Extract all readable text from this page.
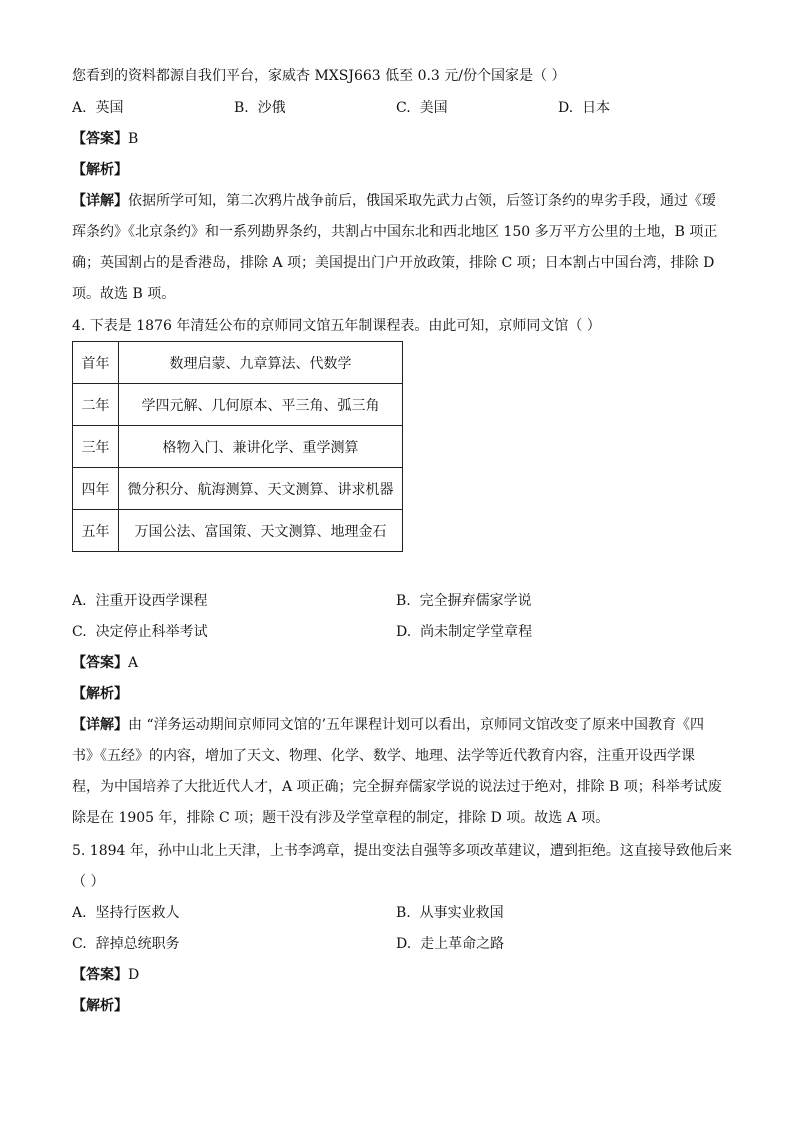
您看到的资料都源自我们平台，家威杏 MXSJ663 低至 0.3 元/份个国家是（ ）
A. 英国	B. 沙俄	C. 美国	D. 日本
【答案】B
【解析】
【详解】依据所学可知，第二次鸦片战争前后，俄国采取先武力占领，后签订条约的卑劣手段，通过《瑷珲条约》《北京条约》和一系列勘界条约，共割占中国东北和西北地区 150 多万平方公里的土地，B 项正确；英国割占的是香港岛，排除 A 项；美国提出门户开放政策，排除 C 项；日本割占中国台湾，排除 D 项。故选 B 项。
4. 下表是 1876 年清廷公布的京师同文馆五年制课程表。由此可知，京师同文馆（ ）
首年	数理启蒙、九章算法、代数学
二年	学四元解、几何原本、平三角、弧三角
三年	格物入门、兼讲化学、重学测算
四年	微分积分、航海测算、天文测算、讲求机器
五年	万国公法、富国策、天文测算、地理金石
A. 注重开设西学课程	B. 完全摒弃儒家学说
C. 决定停止科举考试	D. 尚未制定学堂章程
【答案】A
【解析】
【详解】由 “洋务运动期间京师同文馆的’五年课程计划可以看出，京师同文馆改变了原来中国教育《四书》《五经》的内容，增加了天文、物理、化学、数学、地理、法学等近代教育内容，注重开设西学课程，为中国培养了大批近代人才，A 项正确；完全摒弃儒家学说的说法过于绝对，排除 B 项；科举考试废除是在 1905 年，排除 C 项；题干没有涉及学堂章程的制定，排除 D 项。故选 A 项。
5. 1894 年，孙中山北上天津，上书李鸿章，提出变法自强等多项改革建议，遭到拒绝。这直接导致他后来
（ ）
A. 坚持行医救人	B. 从事实业救国
C. 辞掉总统职务	D. 走上革命之路
【答案】D
【解析】
